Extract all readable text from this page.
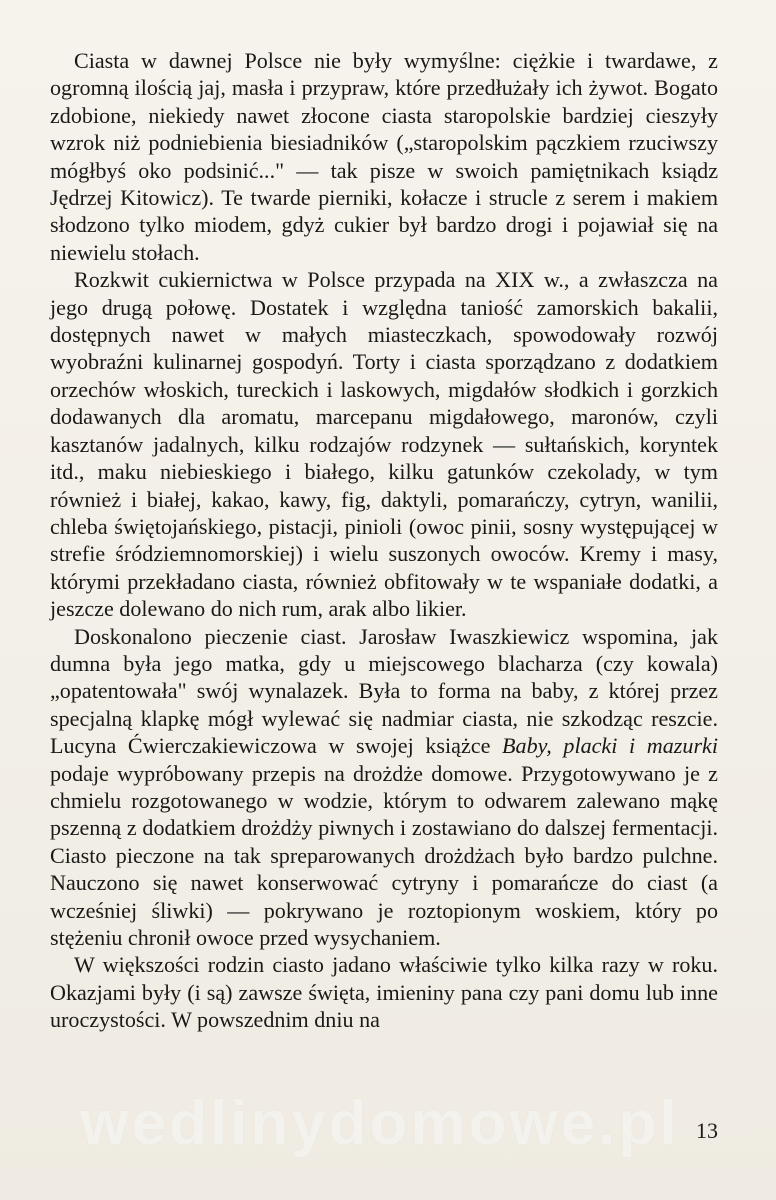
Ciasta w dawnej Polsce nie były wymyślne: ciężkie i twardawe, z ogromną ilością jaj, masła i przypraw, które przedłużały ich żywot. Bogato zdobione, niekiedy nawet złocone ciasta staropolskie bardziej cieszyły wzrok niż podniebienia biesiadników („staropolskim pączkiem rzuciwszy mógłbyś oko podsinić..." — tak pisze w swoich pamiętnikach ksiądz Jędrzej Kitowicz). Te twarde pierniki, kołacze i strucle z serem i makiem słodzono tylko miodem, gdyż cukier był bardzo drogi i pojawiał się na niewielu stołach.

Rozkwit cukiernictwa w Polsce przypada na XIX w., a zwłaszcza na jego drugą połowę. Dostatek i względna taniość zamorskich bakalii, dostępnych nawet w małych miasteczkach, spowodowały rozwój wyobraźni kulinarnej gospodyń. Torty i ciasta sporządzano z dodatkiem orzechów włoskich, tureckich i laskowych, migdałów słodkich i gorzkich dodawanych dla aromatu, marcepanu migdałowego, maronów, czyli kasztanów jadalnych, kilku rodzajów rodzynek — sułtańskich, koryntek itd., maku niebieskiego i białego, kilku gatunków czekolady, w tym również i białej, kakao, kawy, fig, daktyli, pomarańczy, cytryn, wanilii, chleba świętojańskiego, pistacji, pinioli (owoc pinii, sosny występującej w strefie śródziemnomorskiej) i wielu suszonych owoców. Kremy i masy, którymi przekładano ciasta, również obfitowały w te wspaniałe dodatki, a jeszcze dolewano do nich rum, arak albo likier.

Doskonalono pieczenie ciast. Jarosław Iwaszkiewicz wspomina, jak dumna była jego matka, gdy u miejscowego blacharza (czy kowala) „opatentowała" swój wynalazek. Była to forma na baby, z której przez specjalną klapkę mógł wylewać się nadmiar ciasta, nie szkodząc reszcie. Lucyna Ćwierczakiewiczowa w swojej książce Baby, placki i mazurki podaje wypróbowany przepis na drożdże domowe. Przygotowywano je z chmielu rozgotowanego w wodzie, którym to odwarem zalewano mąkę pszenną z dodatkiem drożdży piwnych i zostawiano do dalszej fermentacji. Ciasto pieczone na tak spreparowanych drożdżach było bardzo pulchne. Nauczono się nawet konserwować cytryny i pomarańcze do ciast (a wcześniej śliwki) — pokrywano je roztopionym woskiem, który po stężeniu chronił owoce przed wysychaniem.

W większości rodzin ciasto jadano właściwie tylko kilka razy w roku. Okazjami były (i są) zawsze święta, imieniny pana czy pani domu lub inne uroczystości. W powszednim dniu na

wedlinydomowe.pl 13
